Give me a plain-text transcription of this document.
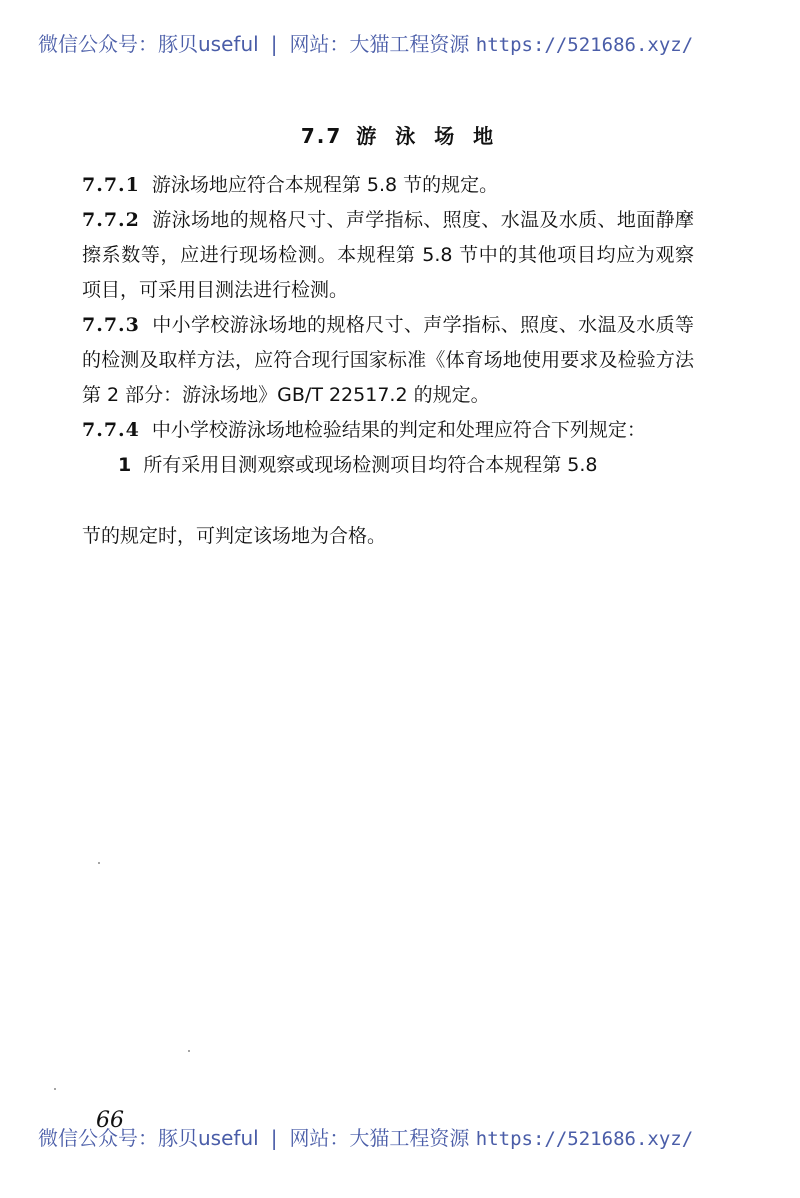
微信公众号：豚贝useful | 网站：大猫工程资源 https://521686.xyz/
7.7 游 泳 场 地

7.7.1 游泳场地应符合本规程第 5.8 节的规定。

7.7.2 游泳场地的规格尺寸、声学指标、照度、水温及水质、地面静摩擦系数等，应进行现场检测。本规程第 5.8 节中的其他项目均应为观察项目，可采用目测法进行检测。

7.7.3 中小学校游泳场地的规格尺寸、声学指标、照度、水温及水质等的检测及取样方法，应符合现行国家标准《体育场地使用要求及检验方法　第 2 部分：游泳场地》GB/T 22517.2 的规定。

7.7.4 中小学校游泳场地检验结果的判定和处理应符合下列规定：

1 所有采用目测观察或现场检测项目均符合本规程第 5.8

节的规定时，可判定该场地为合格。
66
微信公众号：豚贝useful | 网站：大猫工程资源 https://521686.xyz/
